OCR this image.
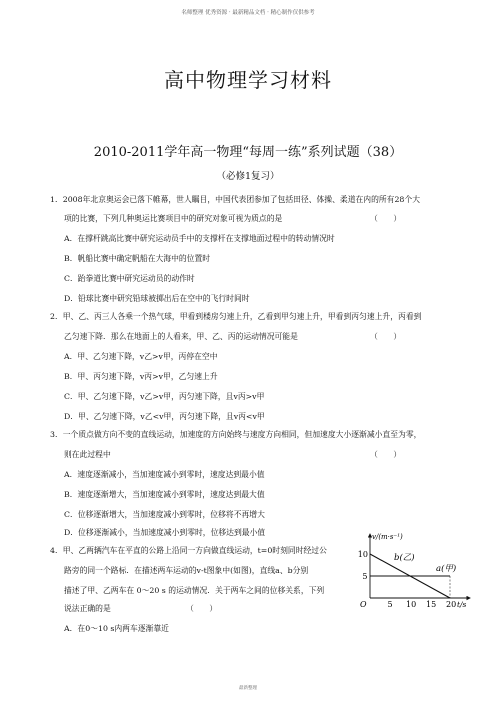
名师整理 优秀资源 · 最新精品文档 · 精心制作仅供参考
高中物理学习材料
2010-2011学年高一物理“每周一练”系列试题（38）
（必修1复习）
1．2008年北京奥运会已落下帷幕，世人瞩目，中国代表团参加了包括田径、体操、柔道在内的所有28个大
项的比赛，下列几种奥运比赛项目中的研究对象可视为质点的是	（　　）
A．在撑杆跳高比赛中研究运动员手中的支撑杆在支撑地面过程中的转动情况时
B．帆船比赛中确定帆船在大海中的位置时
C．跆拳道比赛中研究运动员的动作时
D．铅球比赛中研究铅球被掷出后在空中的飞行时间时
2．甲、乙、丙三人各乘一个热气球，甲看到楼房匀速上升，乙看到甲匀速上升，甲看到丙匀速上升，丙看到
乙匀速下降．那么在地面上的人看来，甲、乙、丙的运动情况可能是	（　　）
A．甲、乙匀速下降，v乙>v甲，丙停在空中
B．甲、丙匀速下降，v丙>v甲，乙匀速上升
C．甲、乙匀速下降，v乙>v甲，丙匀速下降，且v丙>v甲
D．甲、乙匀速下降，v乙<v甲，丙匀速下降，且v丙<v甲
3．一个质点做方向不变的直线运动，加速度的方向始终与速度方向相同，但加速度大小逐渐减小直至为零，
则在此过程中	（　　）
A．速度逐渐减小，当加速度减小到零时，速度达到最小值
B．速度逐渐增大，当加速度减小到零时，速度达到最大值
C．位移逐渐增大，当加速度减小到零时，位移将不再增大
D．位移逐渐减小，当加速度减小到零时，位移达到最小值
4．甲、乙两辆汽车在平直的公路上沿同一方向做直线运动，t=0时刻同时经过公
路旁的同一个路标．在描述两车运动的v-t图象中(如图)，直线a、b分别
描述了甲、乙两车在 0～20 s 的运动情况．关于两车之间的位移关系，下列
说法正确的是	（　　）
A．在0～10 s内两车逐渐靠近
b(乙)
a(甲)
v/(m·s⁻¹)
t/s
O	5 10 15 20
5
10
最新整理
